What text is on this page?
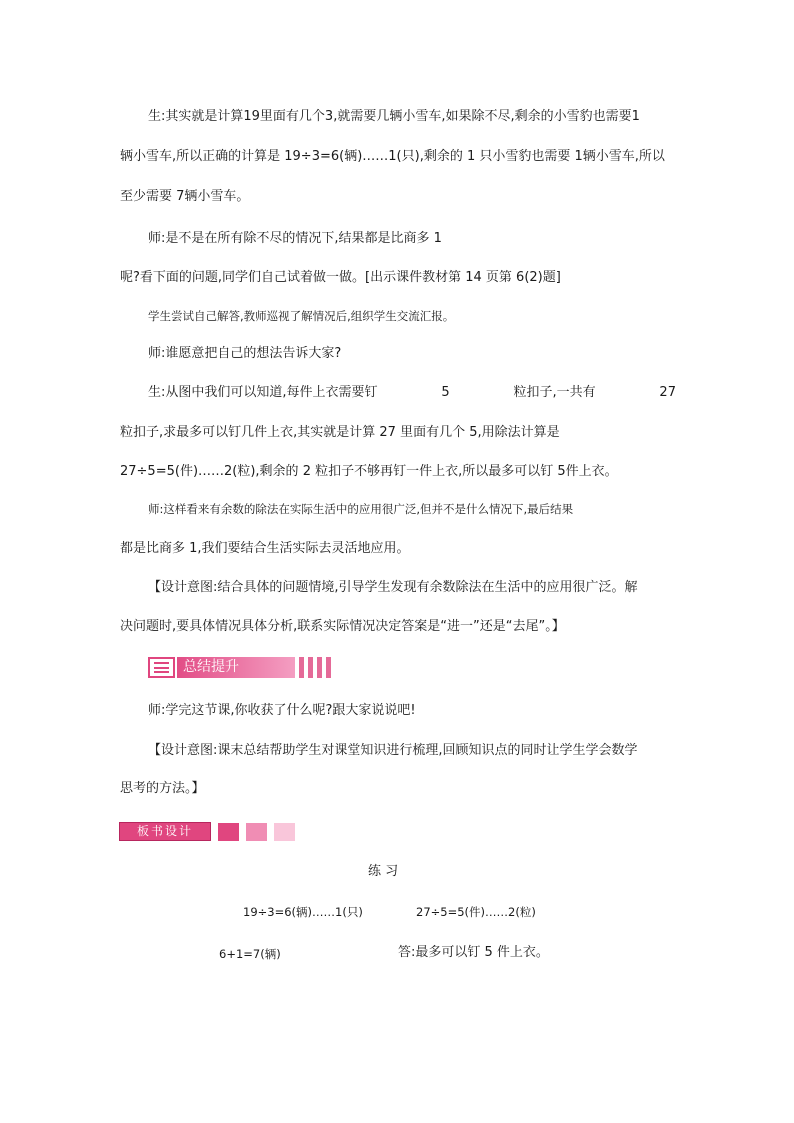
生:其实就是计算19里面有几个3,就需要几辆小雪车,如果除不尽,剩余的小雪豹也需要1
辆小雪车,所以正确的计算是 19÷3=6(辆)……1(只),剩余的 1 只小雪豹也需要 1辆小雪车,所以
至少需要 7辆小雪车。
师:是不是在所有除不尽的情况下,结果都是比商多 1
呢?看下面的问题,同学们自己试着做一做。[出示课件教材第 14 页第 6(2)题]
学生尝试自己解答,教师巡视了解情况后,组织学生交流汇报。
师:谁愿意把自己的想法告诉大家?
生:从图中我们可以知道,每件上衣需要钉	5	粒扣子,一共有	27
粒扣子,求最多可以钉几件上衣,其实就是计算 27 里面有几个 5,用除法计算是
27÷5=5(件)……2(粒),剩余的 2 粒扣子不够再钉一件上衣,所以最多可以钉 5件上衣。
师:这样看来有余数的除法在实际生活中的应用很广泛,但并不是什么情况下,最后结果
都是比商多 1,我们要结合生活实际去灵活地应用。
【设计意图:结合具体的问题情境,引导学生发现有余数除法在生活中的应用很广泛。解
决问题时,要具体情况具体分析,联系实际情况决定答案是“进一”还是“去尾”。】
总结提升
师:学完这节课,你收获了什么呢?跟大家说说吧!
【设计意图:课末总结帮助学生对课堂知识进行梳理,回顾知识点的同时让学生学会数学
思考的方法。】
板书设计
练 习
19÷3=6(辆)……1(只)	27÷5=5(件)……2(粒)
6+1=7(辆)	答:最多可以钉 5 件上衣。
